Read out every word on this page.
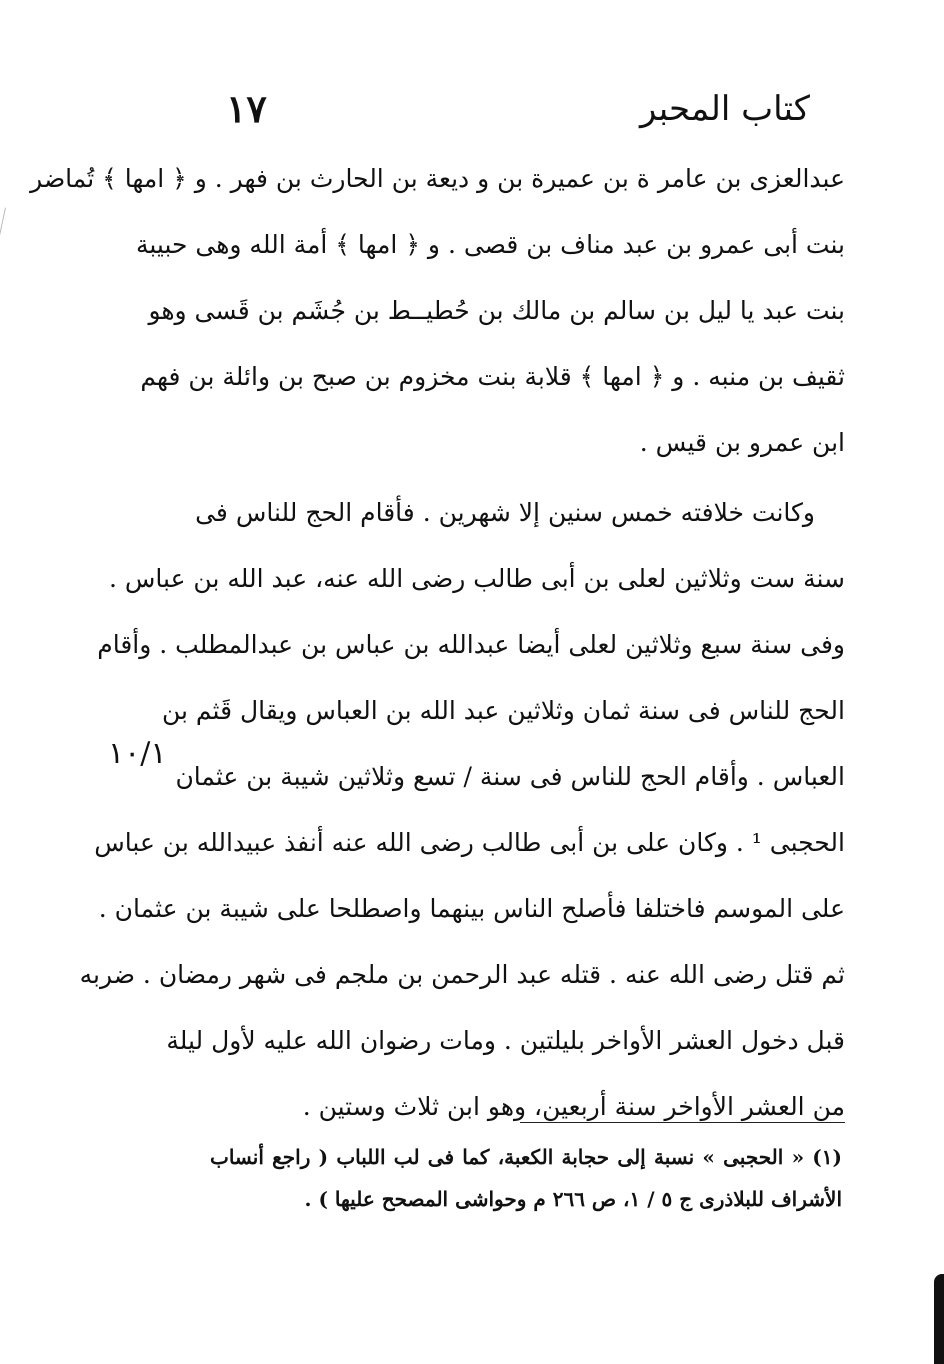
كتاب المحبر
١٧
عبدالعزى بن عامر ة بن عميرة بن و ديعة بن الحارث بن فهر . و ﴿ امها ﴾ تُماضر
بنت أبى عمرو بن عبد مناف بن قصى . و ﴿ امها ﴾ أمة الله وهى حبيبة
بنت عبد يا ليل بن سالم بن مالك بن حُطيــط بن جُشَم بن قَسى وهو
ثقيف بن منبه . و ﴿ امها ﴾ قلابة بنت مخزوم بن صبح بن وائلة بن فهم
ابن عمرو بن قيس .
وكانت خلافته خمس سنين إلا شهرين . فأقام الحج للناس فى
سنة ست وثلاثين لعلى بن أبى طالب رضى الله عنه، عبد الله بن عباس .
وفى سنة سبع وثلاثين لعلى أيضا عبدالله بن عباس بن عبدالمطلب . وأقام
الحج للناس فى سنة ثمان وثلاثين عبد الله بن العباس ويقال قَثم بن
العباس . وأقام الحج للناس فى سنة / تسع وثلاثين شيبة بن عثمان
الحجبى ¹ . وكان على بن أبى طالب رضى الله عنه أنفذ عبيدالله بن عباس
على الموسم فاختلفا فأصلح الناس بينهما واصطلحا على شيبة بن عثمان .
ثم قتل رضى الله عنه . قتله عبد الرحمن بن ملجم فى شهر رمضان . ضربه
قبل دخول العشر الأواخر بليلتين . ومات رضوان الله عليه لأول ليلة
من العشر الأواخر سنة أربعين، وهو ابن ثلاث وستين .
١٠/١
(١) « الحجبى » نسبة إلى حجابة الكعبة، كما فى لب اللباب ( راجع أنساب
الأشراف للبلاذرى ج ٥ / ١، ص ٢٦٦ م وحواشى المصحح عليها ) .
